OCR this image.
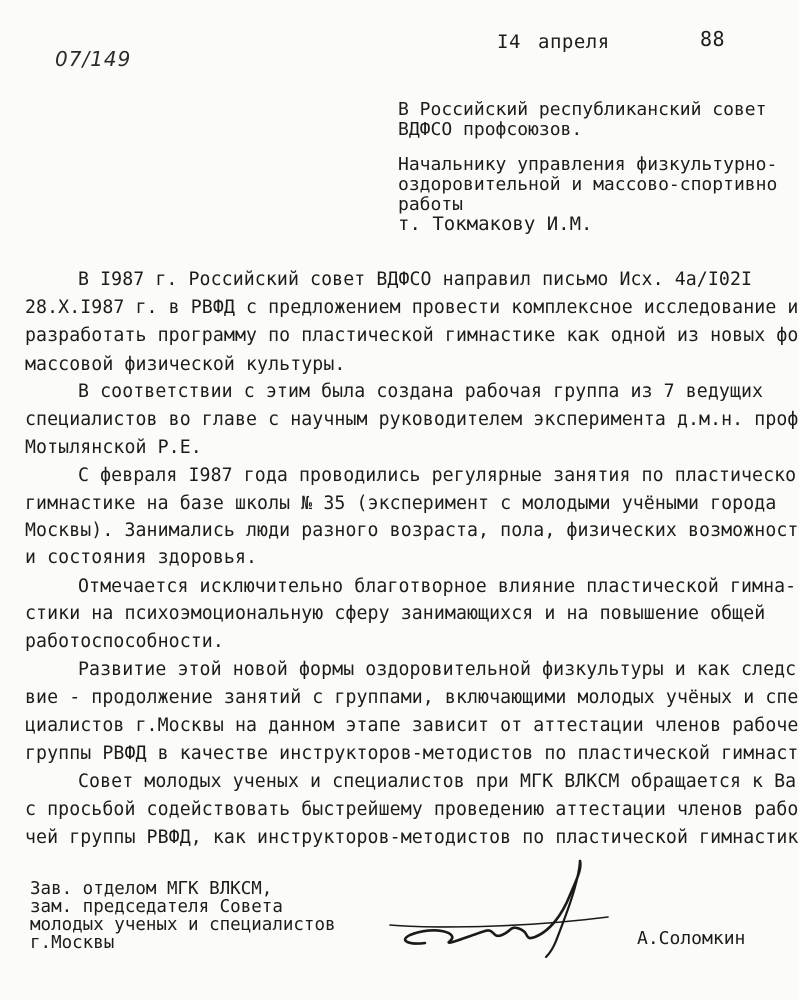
07/149
I4 апреля	88
В Российский республиканский совет
ВДФСО профсоюзов.
Начальнику управления физкультурно-
оздоровительной и массово-спортивно
работы
т. Токмакову И.М.
В I987 г. Российский совет ВДФСО направил письмо Исх. 4а/I02I
28.Х.I987 г. в РВФД с предложением провести комплексное исследование и
разработать программу по пластической гимнастике как одной из новых фо
массовой физической культуры.
В соответствии с этим была создана рабочая группа из 7 ведущих
специалистов во главе с научным руководителем эксперимента д.м.н. проф
Мотылянской Р.Е.
С февраля I987 года проводились регулярные занятия по пластическо
гимнастике на базе школы № 35 (эксперимент с молодыми учёными города
Москвы). Занимались люди разного возраста, пола, физических возможност
и состояния здоровья.
Отмечается исключительно благотворное влияние пластической гимна-
стики на психоэмоциональную сферу занимающихся и на повышение общей
работоспособности.
Развитие этой новой формы оздоровительной физкультуры и как следс
вие - продолжение занятий с группами, включающими молодых учёных и спе
циалистов г.Москвы на данном этапе зависит от аттестации членов рабоче
группы РВФД в качестве инструкторов-методистов по пластической гимнаст
Совет молодых ученых и специалистов при МГК ВЛКСМ обращается к Ва
с просьбой содействовать быстрейшему проведению аттестации членов рабо
чей группы РВФД, как инструкторов-методистов по пластической гимнастик
Зав. отделом МГК ВЛКСМ,
зам. председателя Совета
молодых ученых и специалистов
г.Москвы	А.Соломкин
